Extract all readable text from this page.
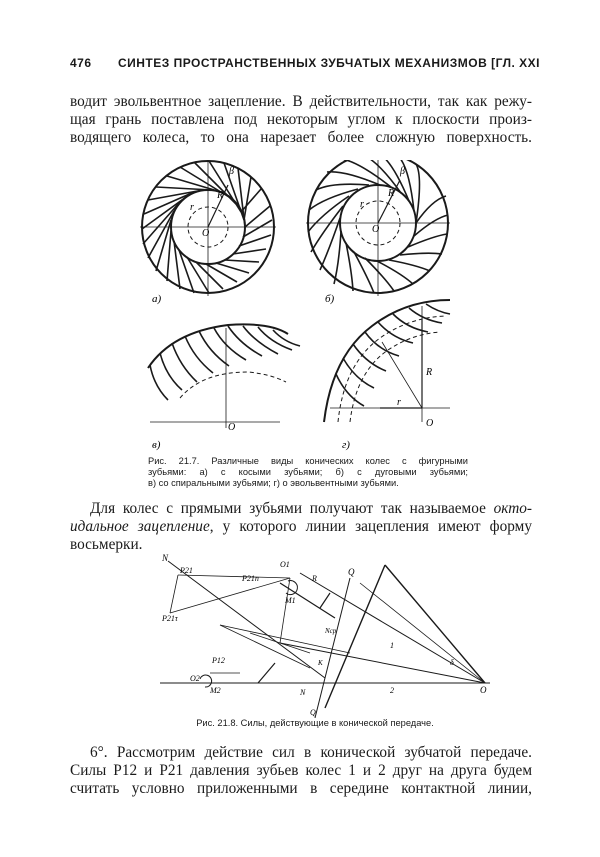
476 СИНТЕЗ ПРОСТРАНСТВЕННЫХ ЗУБЧАТЫХ МЕХАНИЗМОВ [ГЛ. XXI
водит эвольвентное зацепление. В действительности, так как режу-
щая грань поставлена под некоторым углом к плоскости произ-
водящего колеса, то она нарезает более сложную поверхность.
a)
O
r
R
β
б)
O
r
R
β
в)
O
г)
O
R
r
Рис. 21.7. Различные виды конических колес с фигурными
зубьями: а) с косыми зубьями; б) с дуговыми зубьями;
в) со спиральными зубьями; г) о эвольвентными зубьями.
Для колес с прямыми зубьями получают так называемое окто-
идальное зацепление, у которого линии зацепления имеют форму
восьмерки.
N
P21
P21n
P21τ
O1
R
M1
Q
P12
O2
M2
Nср
K	δ
1
2	O
N
Q
Рис. 21.8. Силы, действующие в конической передаче.
6°. Рассмотрим действие сил в конической зубчатой передаче.
Силы P12 и P21 давления зубьев колес 1 и 2 друг на друга будем
считать условно приложенными в середине контактной линии,
